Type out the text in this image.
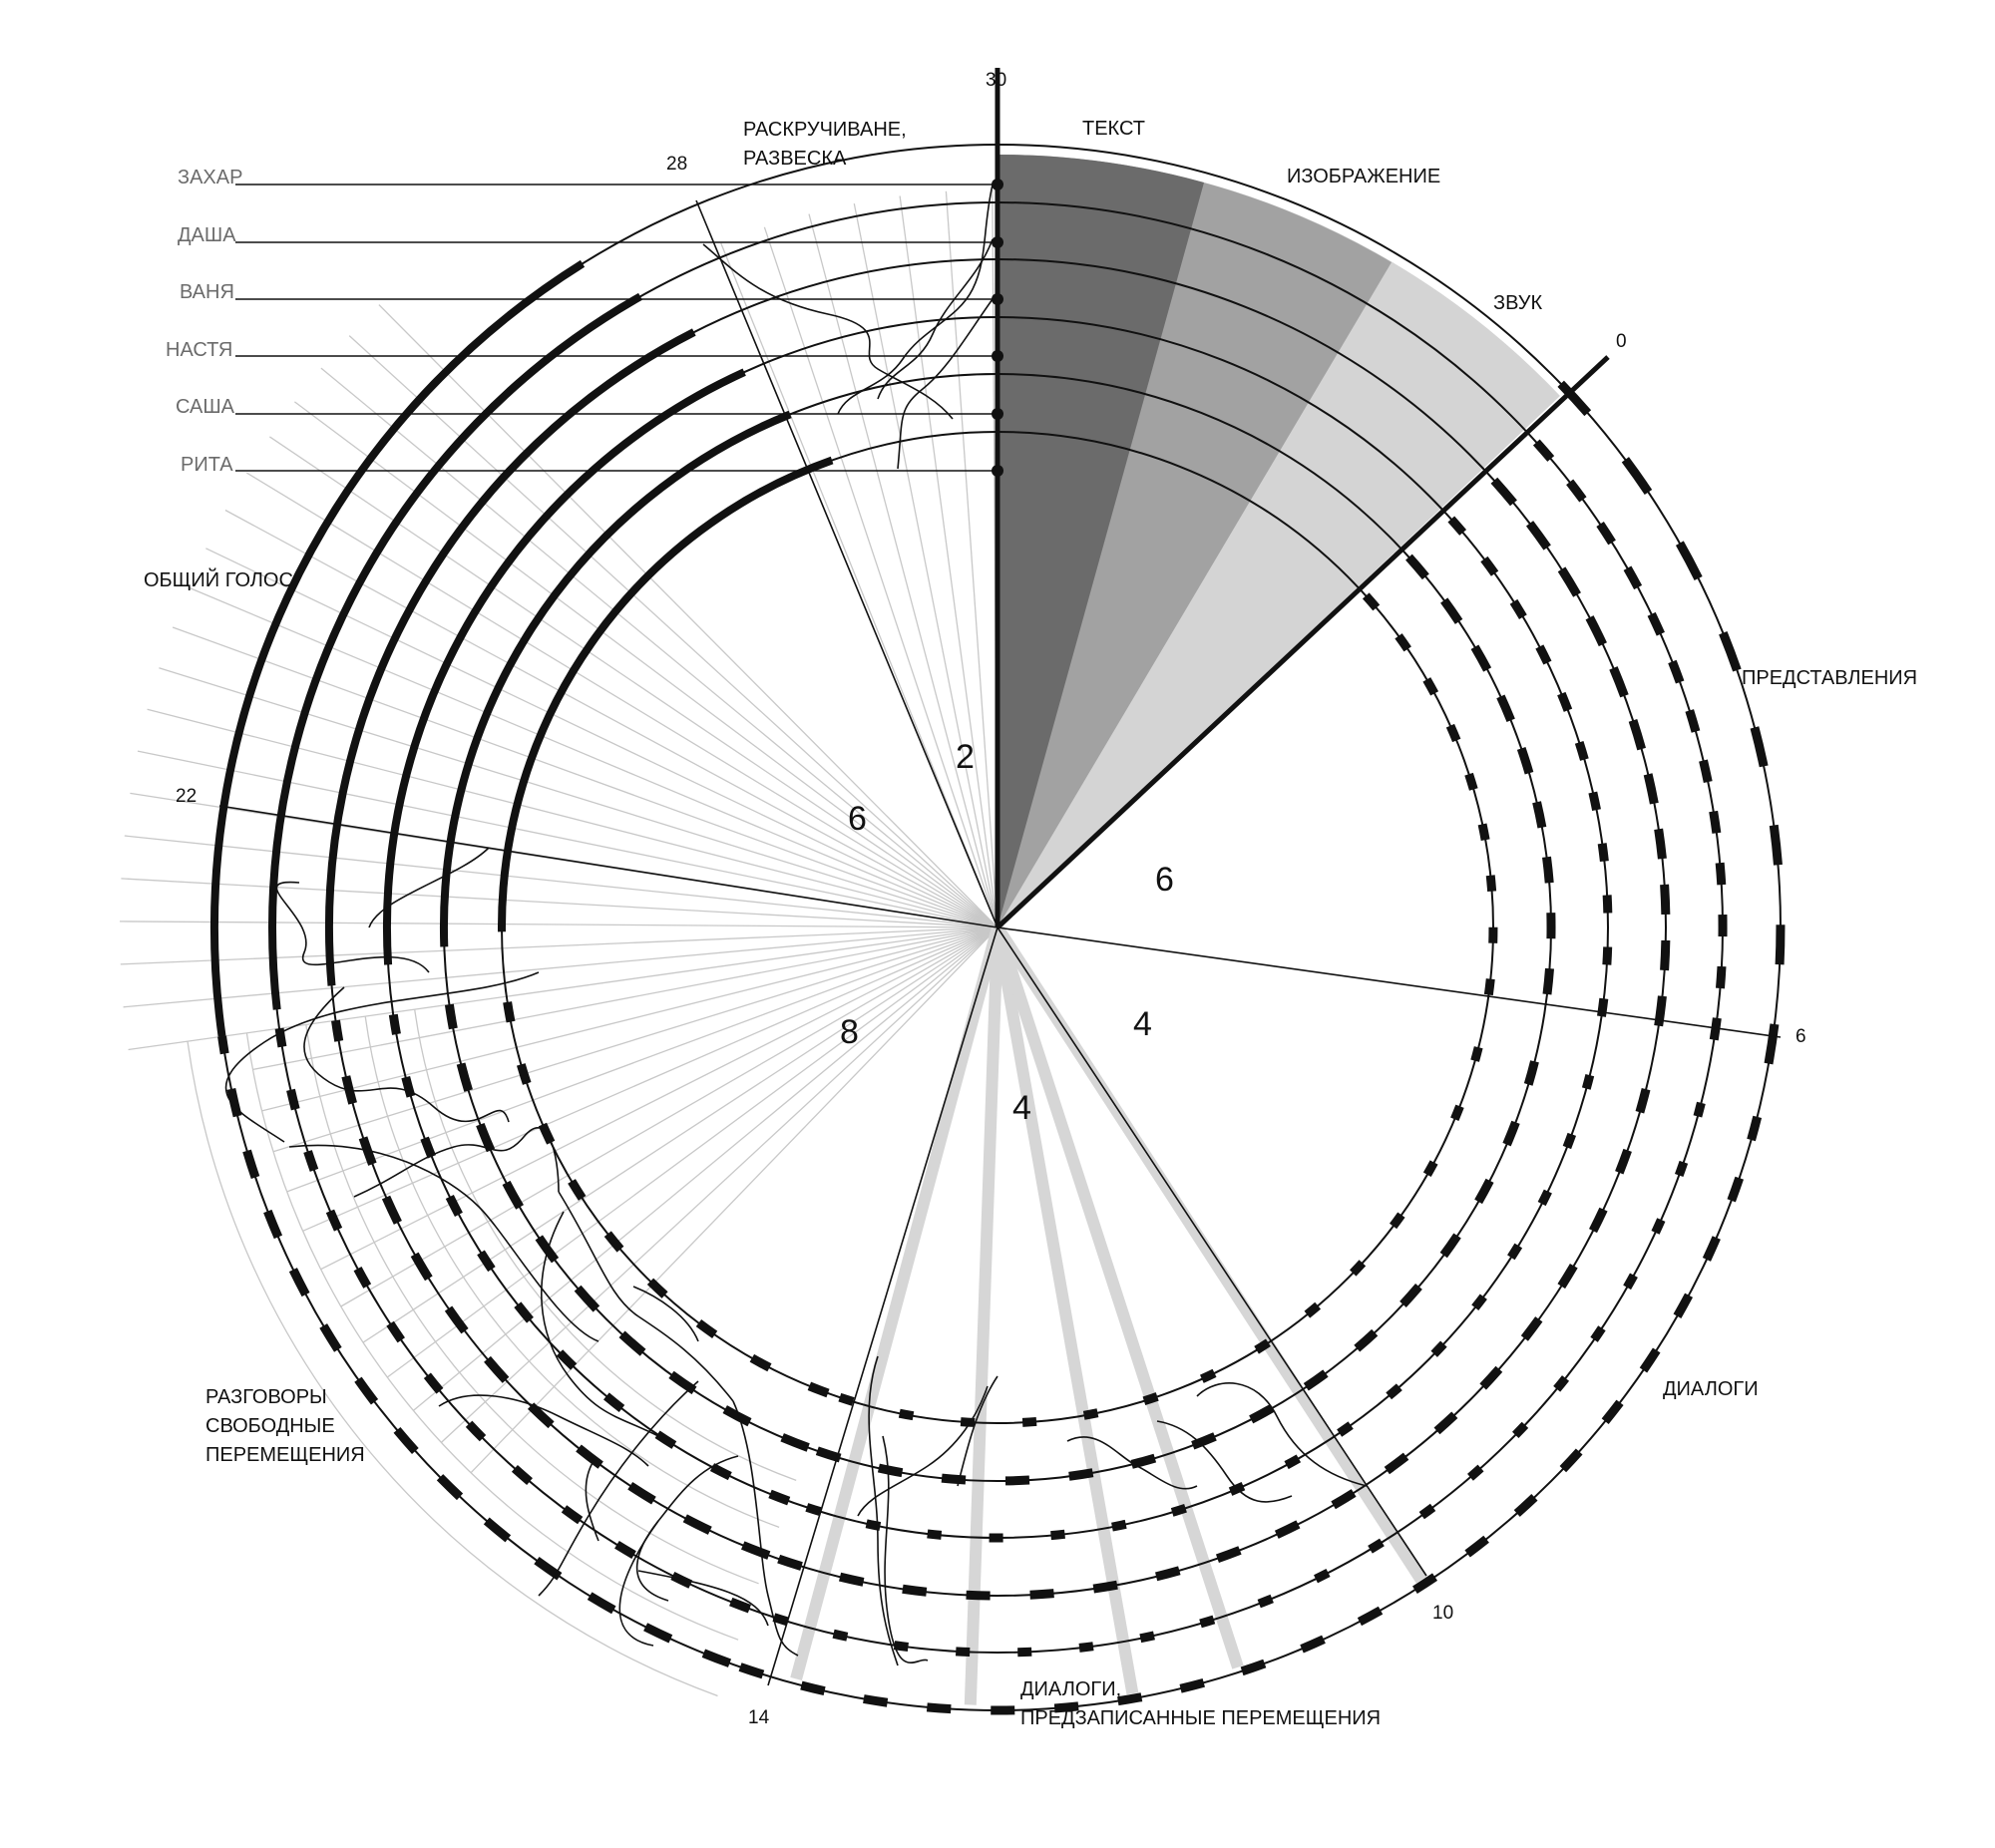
30
28
22
14
10
6
0
ЗАХАР
ДАША
ВАНЯ
НАСТЯ
САША
РИТА
ТЕКСТ
ИЗОБРАЖЕНИЕ
ЗВУК
РАСКРУЧИВАНЕ,
РАЗВЕСКА
ОБЩИЙ ГОЛОС
ПРЕДСТАВЛЕНИЯ
ДИАЛОГИ
РАЗГОВОРЫ
СВОБОДНЫЕ
ПЕРЕМЕЩЕНИЯ
ДИАЛОГИ,
ПРЕДЗАПИСАННЫЕ ПЕРЕМЕЩЕНИЯ
2
6
6
4
4
8
